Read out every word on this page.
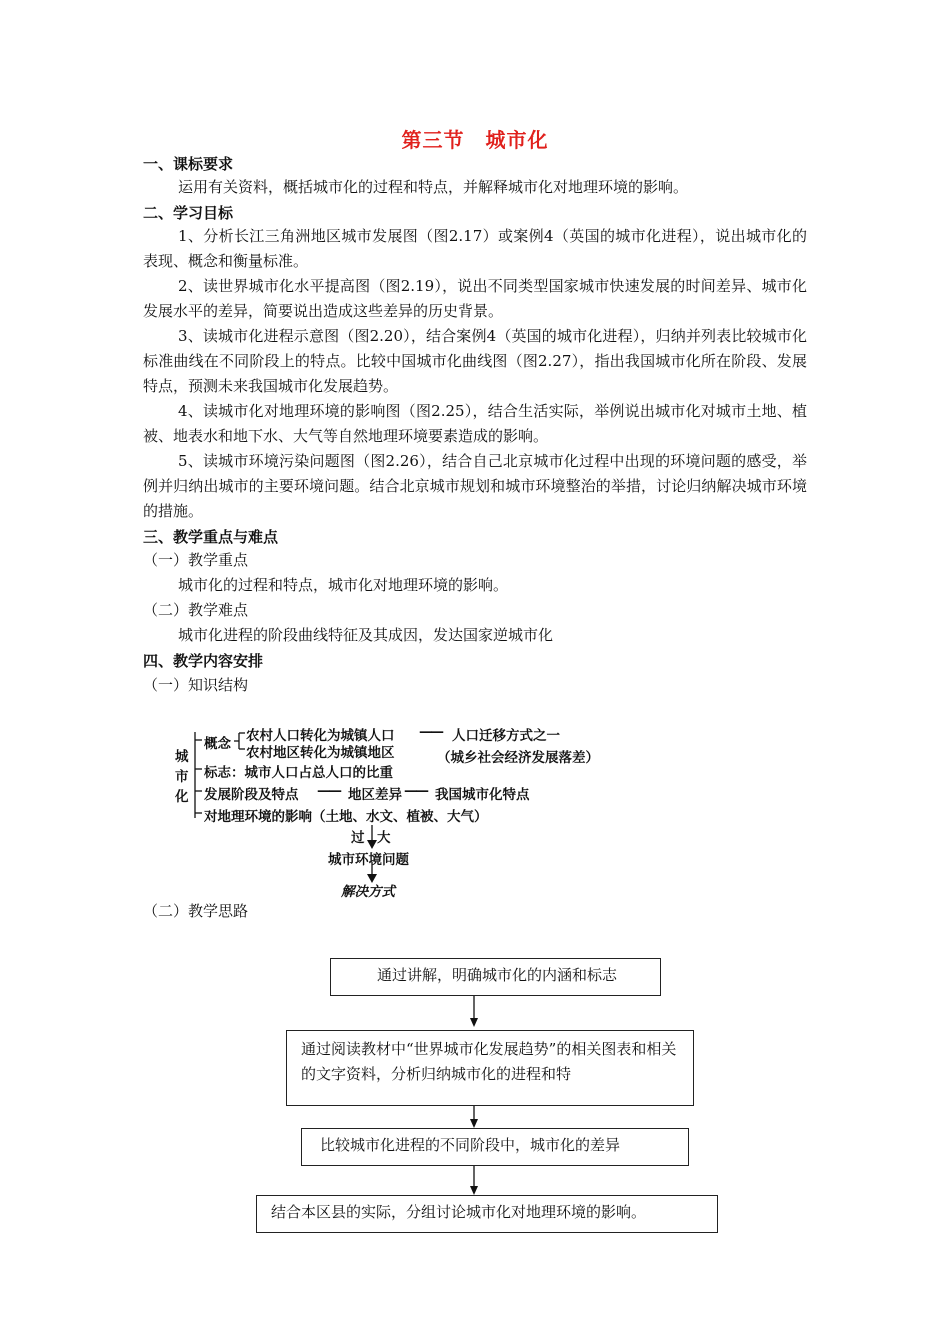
第三节　城市化
一、课标要求
运用有关资料，概括城市化的过程和特点，并解释城市化对地理环境的影响。
二、学习目标
1、分析长江三角洲地区城市发展图（图2.17）或案例4（英国的城市化进程），说出城市化的表现、概念和衡量标准。
2、读世界城市化水平提高图（图2.19），说出不同类型国家城市快速发展的时间差异、城市化发展水平的差异，简要说出造成这些差异的历史背景。
3、读城市化进程示意图（图2.20），结合案例4（英国的城市化进程），归纳并列表比较城市化标准曲线在不同阶段上的特点。比较中国城市化曲线图（图2.27），指出我国城市化所在阶段、发展特点，预测未来我国城市化发展趋势。
4、读城市化对地理环境的影响图（图2.25），结合生活实际，举例说出城市化对城市土地、植被、地表水和地下水、大气等自然地理环境要素造成的影响。
5、读城市环境污染问题图（图2.26），结合自己北京城市化过程中出现的环境问题的感受，举例并归纳出城市的主要环境问题。结合北京城市规划和城市环境整治的举措，讨论归纳解决城市环境的措施。
三、教学重点与难点
（一）教学重点
城市化的过程和特点，城市化对地理环境的影响。
（二）教学难点
城市化进程的阶段曲线特征及其成因，发达国家逆城市化
四、教学内容安排
（一）知识结构
城
市
化
概念 农村人口转化为城镇人口 —— 人口迁移方式之一
农村地区转化为城镇地区	（城乡社会经济发展落差）
标志：城市人口占总人口的比重
发展阶段及特点 —— 地区差异 —— 我国城市化特点
对地理环境的影响（土地、水文、植被、大气）
过 大
城市环境问题
解决方式
（二）教学思路
通过讲解，明确城市化的内涵和标志
通过阅读教材中“世界城市化发展趋势”的相关图表和相关的文字资料，分析归纳城市化的进程和特
比较城市化进程的不同阶段中，城市化的差异
结合本区县的实际，分组讨论城市化对地理环境的影响。
